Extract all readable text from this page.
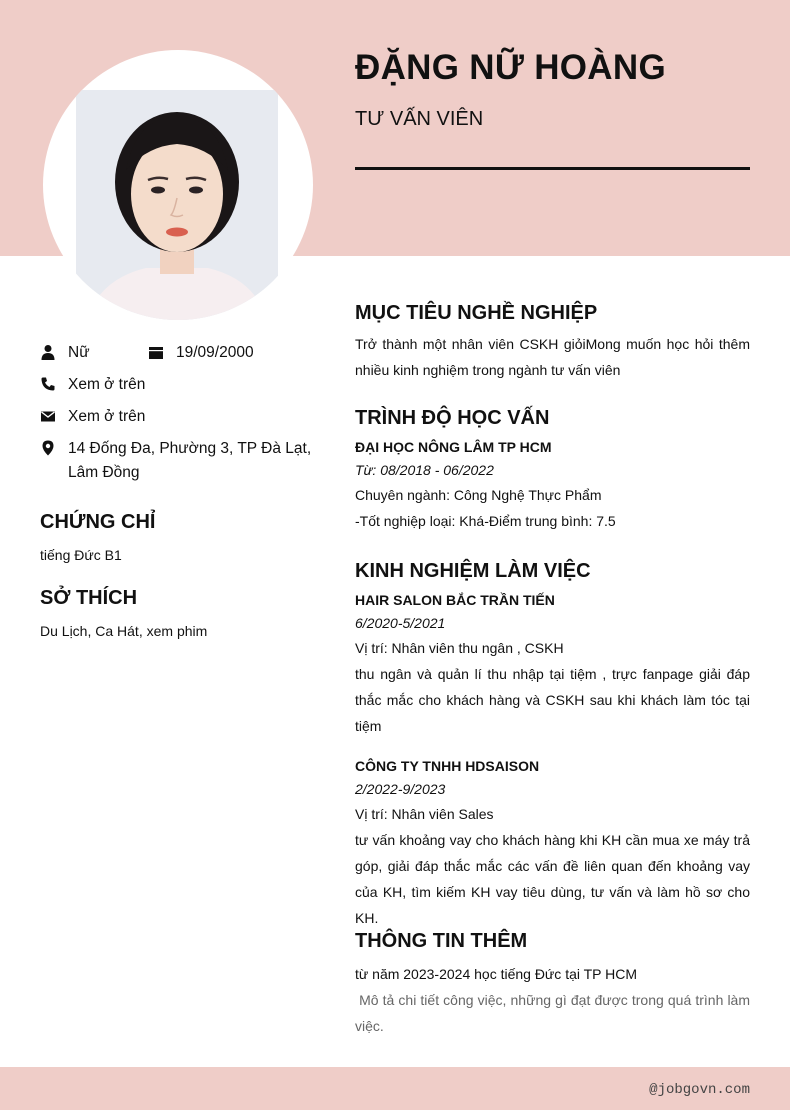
ĐẶNG NỮ HOÀNG
TƯ VẤN VIÊN
Nữ	19/09/2000
Xem ở trên
Xem ở trên
14 Đống Đa, Phường 3, TP Đà Lạt, Lâm Đồng
CHỨNG CHỈ
tiếng Đức B1
SỞ THÍCH
Du Lịch, Ca Hát, xem phim
MỤC TIÊU NGHỀ NGHIỆP
Trở thành một nhân viên CSKH giỏiMong muốn học hỏi thêm nhiều kinh nghiệm trong ngành tư vấn viên
TRÌNH ĐỘ HỌC VẤN
ĐẠI HỌC NÔNG LÂM TP HCM
Từ: 08/2018 - 06/2022
Chuyên ngành: Công Nghệ Thực Phẩm
-Tốt nghiệp loại: Khá-Điểm trung bình: 7.5
KINH NGHIỆM LÀM VIỆC
HAIR SALON BẮC TRẦN TIẾN
6/2020-5/2021
Vị trí: Nhân viên thu ngân , CSKH
thu ngân và quản lí thu nhập tại tiệm , trực fanpage giải đáp thắc mắc cho khách hàng và CSKH sau khi khách làm tóc tại tiệm
CÔNG TY TNHH HDSAISON
2/2022-9/2023
Vị trí: Nhân viên Sales
tư vấn khoảng vay cho khách hàng khi KH cần mua xe máy trả góp, giải đáp thắc mắc các vấn đề liên quan đến khoảng vay của KH, tìm kiếm KH vay tiêu dùng, tư vấn và làm hồ sơ cho KH.
THÔNG TIN THÊM
từ năm 2023-2024 học tiếng Đức tại TP HCM
Mô tả chi tiết công việc, những gì đạt được trong quá trình làm việc.
@jobgovn.com
